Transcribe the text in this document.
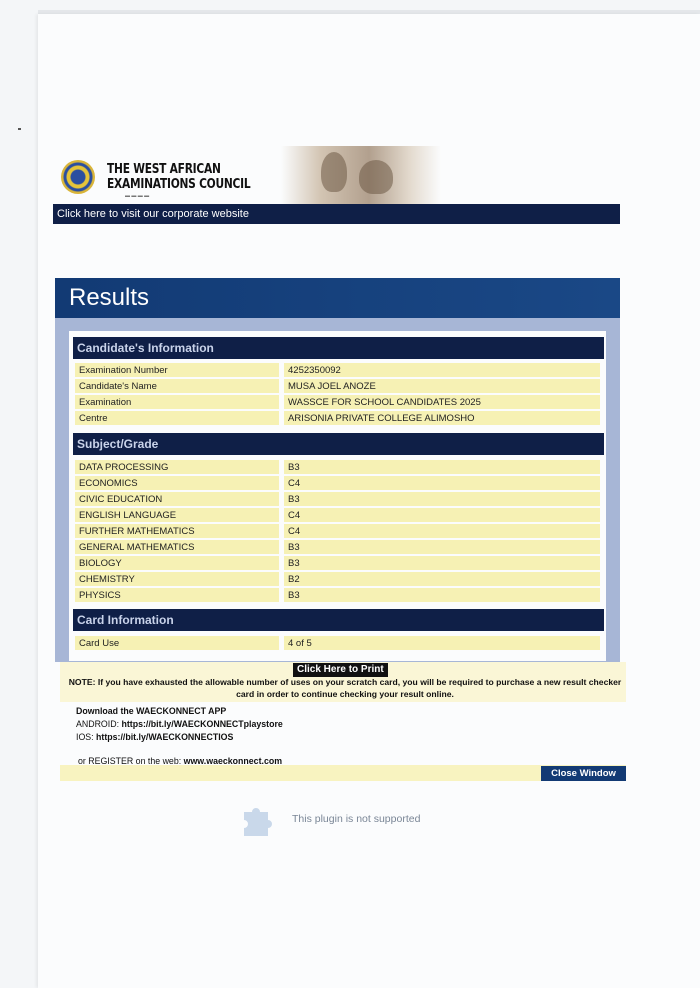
THE WEST AFRICAN
EXAMINATIONS COUNCIL
▬ ▬ ▬ ▬
Click here to visit our corporate website
Results
Candidate's Information
Examination Number	4252350092
Candidate's Name	MUSA JOEL ANOZE
Examination	WASSCE FOR SCHOOL CANDIDATES 2025
Centre	ARISONIA PRIVATE COLLEGE ALIMOSHO
Subject/Grade
DATA PROCESSING	B3
ECONOMICS	C4
CIVIC EDUCATION	B3
ENGLISH LANGUAGE	C4
FURTHER MATHEMATICS	C4
GENERAL MATHEMATICS	B3
BIOLOGY	B3
CHEMISTRY	B2
PHYSICS	B3
Card Information
Card Use	4 of 5
Click Here to Print

NOTE: If you have exhausted the allowable number of uses on your scratch card, you will be required to purchase a new result checker card in order to continue checking your result online.

Download the WAECKONNECT APP
ANDROID: https://bit.ly/WAECKONNECTplaystore
IOS: https://bit.ly/WAECKONNECTIOS
or REGISTER on the web: www.waeckonnect.com
Close Window
This plugin is not supported
